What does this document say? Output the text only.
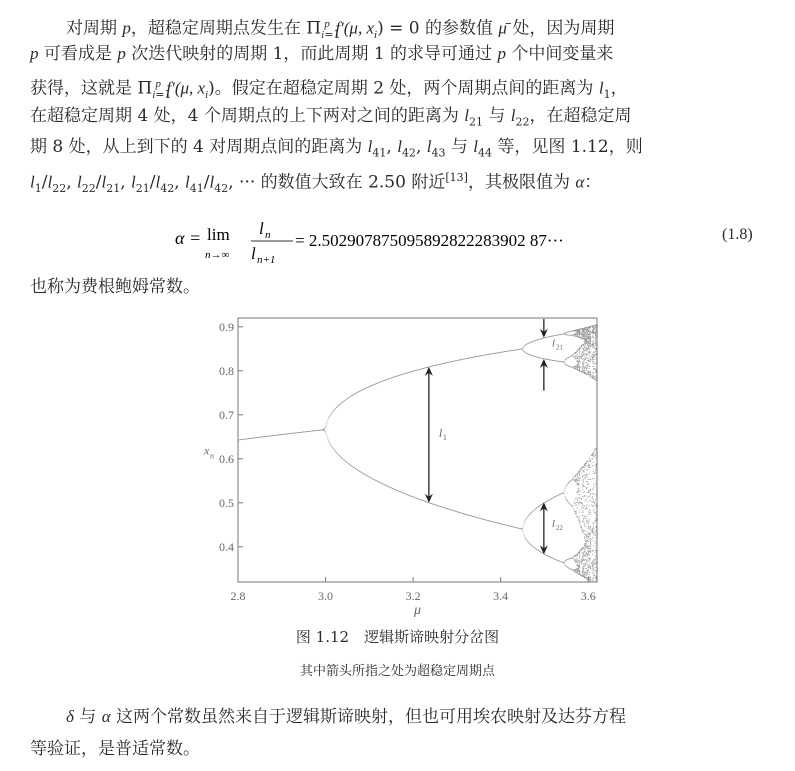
对周期 p，超稳定周期点发生在 $\Pi_{i=1}^p$ f′(μ, $x_i) = 0$ 的参数值 μ̄ 处，因为周期
p 可看成是 p 次迭代映射的周期 1，而此周期 1 的求导可通过 p 个中间变量来
获得，这就是 $\Pi_{i=1}^p$ f′(μ, $x_i$)。假定在超稳定周期 2 处，两个周期点间的距离为 $l_1$，
在超稳定周期 4 处，4 个周期点的上下两对之间的距离为 $l_{21}$ 与 $l_{22}$，在超稳定周
期 8 处，从上到下的 4 对周期点间的距离为 $l_{41}$, $l_{42}$, $l_{43}$ 与 $l_{44}$ 等，见图 1.12，则
$l_1/l_{22}$, $l_{22}/l_{21}$, $l_{21}/l_{42}$, $l_{41}/l_{42}$, ··· 的数值大致在 2.50 附近[13]，其极限值为 α：
α = lim
n→∞
l n
l n+1
= 2.502907875095892822283902 87···	(1.8)
也称为费根鲍姆常数。
2.8	3.0	3.2	3.4	3.6
0.4
0.5
0.6
0.7
0.8
0.9
μ
x n
l 1
l 21
l 22
图 1.12　逻辑斯谛映射分岔图
其中箭头所指之处为超稳定周期点
δ 与 α 这两个常数虽然来自于逻辑斯谛映射，但也可用埃农映射及达芬方程
等验证，是普适常数。
